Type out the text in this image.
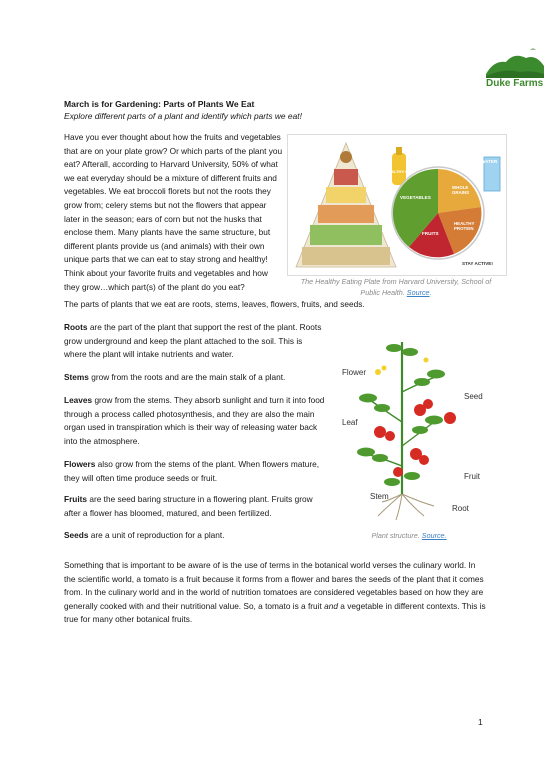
Duke Farms

March is for Gardening: Parts of Plants We Eat

Explore different parts of a plant and identify which parts we eat!

Have you ever thought about how the fruits and vegetables that are on your plate grow? Or which parts of the plant you eat? Afterall, according to Harvard University, 50% of what we eat everyday should be a mixture of different fruits and vegetables. We eat broccoli florets but not the roots they grow from; celery stems but not the flowers that appear later in the season; ears of corn but not the husks that enclose them. Many plants have the same structure, but different plants provide us (and animals) with their own unique parts that we can eat to stay strong and healthy! Think about your favorite fruits and vegetables and how they grow…which part(s) of the plant do you eat?

HEALTHY OILS
WATER
WHOLE GRAINS
VEGETABLES
HEALTHY PROTEIN
FRUITS
STAY ACTIVE!

The Healthy Eating Plate from Harvard University, School of Public Health. Source.

The parts of plants that we eat are roots, stems, leaves, flowers, fruits, and seeds.

Roots are the part of the plant that support the rest of the plant. Roots grow underground and keep the plant attached to the soil. This is where the plant will intake nutrients and water.

Stems grow from the roots and are the main stalk of a plant.

Leaves grow from the stems. They absorb sunlight and turn it into food through a process called photosynthesis, and they are also the main organ used in transpiration which is their way of releasing water back into the atmosphere.

Flowers also grow from the stems of the plant. When flowers mature, they will often time produce seeds or fruit.

Fruits are the seed baring structure in a flowering plant. Fruits grow after a flower has bloomed, matured, and been fertilized.

Seeds are a unit of reproduction for a plant.

Flower
Seed
Leaf
Fruit
Stem
Root

Plant structure. Source.

Something that is important to be aware of is the use of terms in the botanical world verses the culinary world. In the scientific world, a tomato is a fruit because it forms from a flower and bares the seeds of the plant that it comes from. In the culinary world and in the world of nutrition tomatoes are considered vegetables based on how they are generally cooked with and their nutritional value. So, a tomato is a fruit and a vegetable in different contexts. This is true for many other botanical fruits.

1
